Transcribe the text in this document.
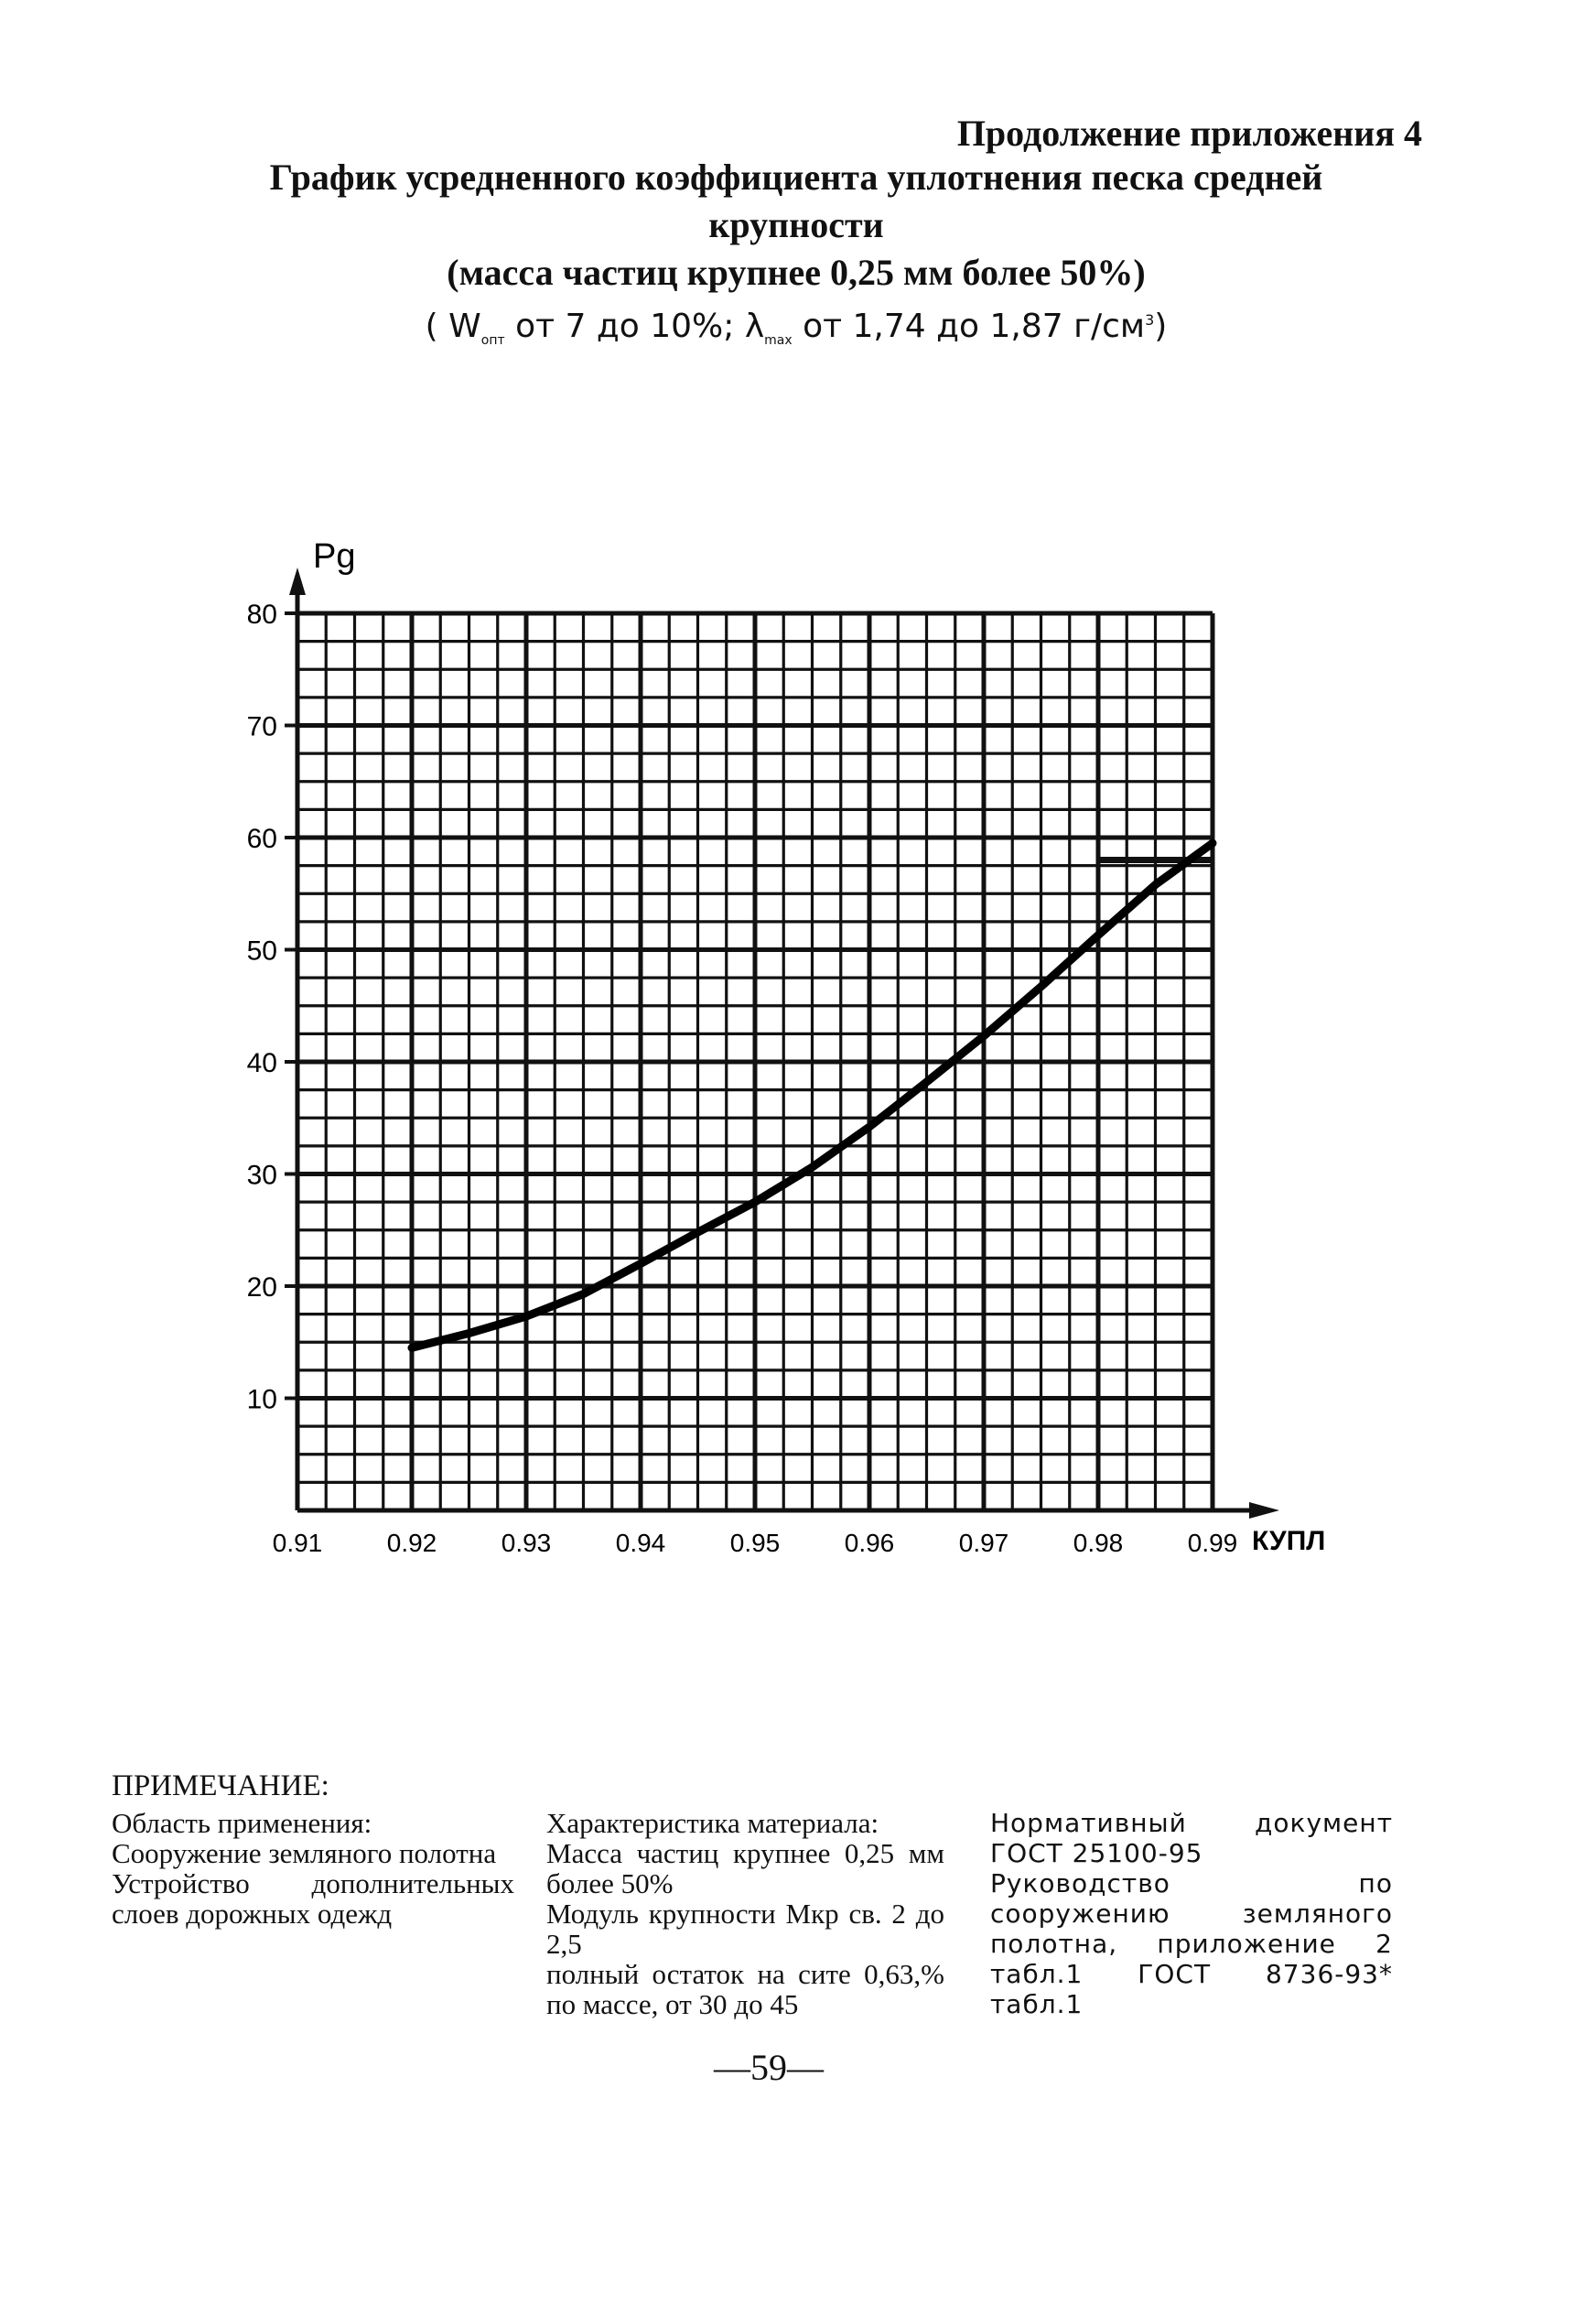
Продолжение приложения 4
График усредненного коэффициента уплотнения песка средней
крупности
(масса частиц крупнее 0,25 мм более 50%)
( $W_{опт}$ от 7 до 10%; $\lambda_{max}$ от 1,74 до 1,87 $г/см^3$)
10
20
30
40
50
60
70
80
0.91	0.92	0.93	0.94	0.95	0.96	0.97	0.98	0.99
Pg
КУПЛ
ПРИМЕЧАНИЕ:

Область применения:

Сооружение земляного полотна

Устройство дополнительных слоев дорожных одежд

Характеристика материала:

Масса частиц крупнее 0,25 мм более 50%

Модуль крупности Мкр св. 2 до 2,5

полный остаток на сите 0,63,% по массе, от 30 до 45

Нормативный документ ГОСТ 25100-95

Руководство по сооружению земляного полотна, приложение 2 табл.1 ГОСТ 8736-93* табл.1

—59—
